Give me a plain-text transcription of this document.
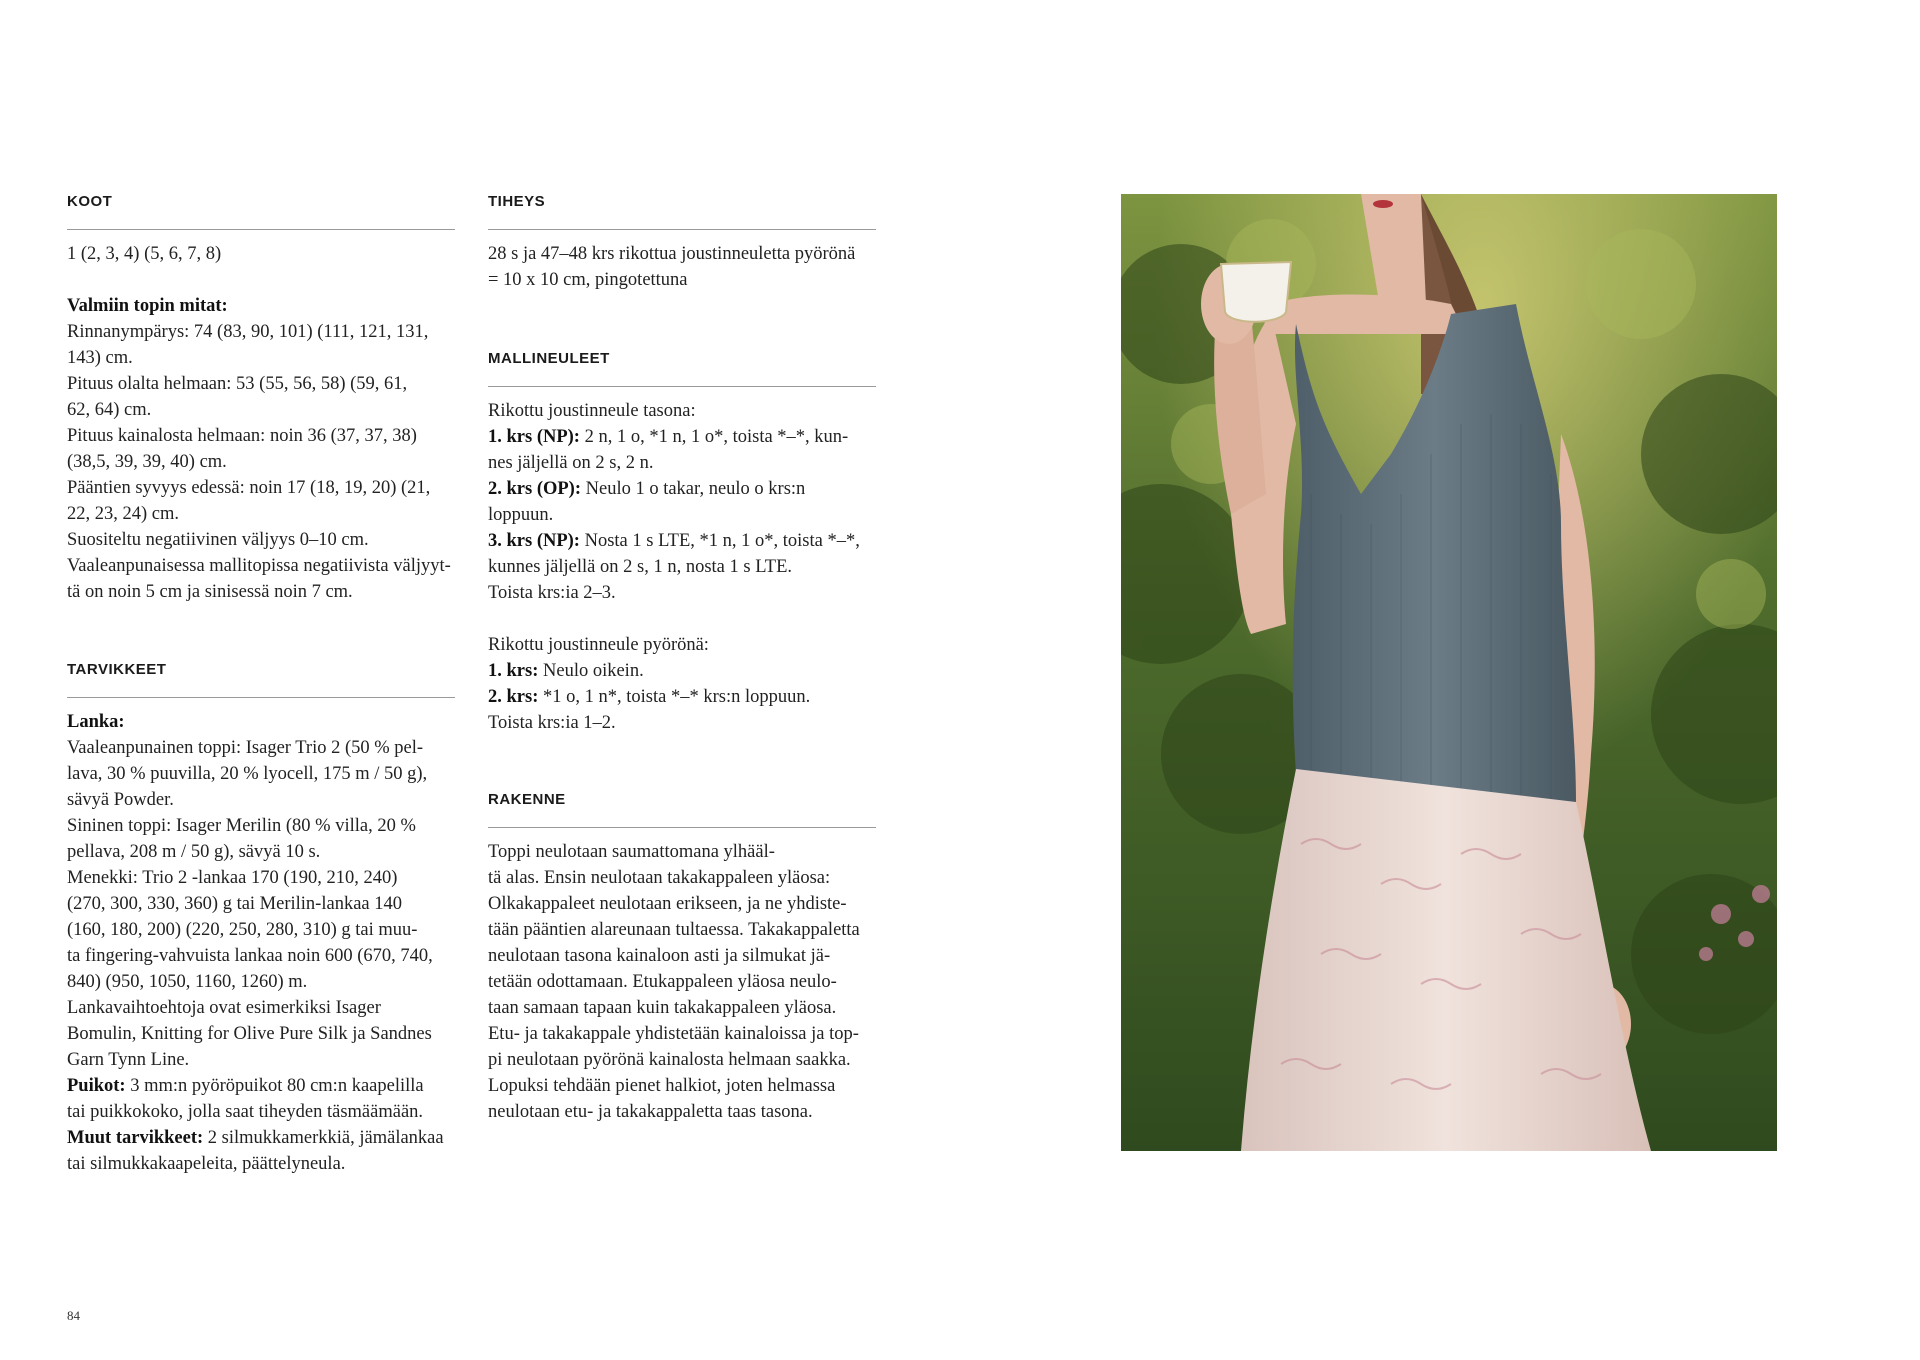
KOOT

1 (2, 3, 4) (5, 6, 7, 8)

Valmiin topin mitat:

Rinnanympärys: 74 (83, 90, 101) (111, 121, 131,

143) cm.

Pituus olalta helmaan: 53 (55, 56, 58) (59, 61,

62, 64) cm.

Pituus kainalosta helmaan: noin 36 (37, 37, 38)

(38,5, 39, 39, 40) cm.

Pääntien syvyys edessä: noin 17 (18, 19, 20) (21,

22, 23, 24) cm.

Suositeltu negatiivinen väljyys 0–10 cm.

Vaaleanpunaisessa mallitopissa negatiivista väljyyt-

tä on noin 5 cm ja sinisessä noin 7 cm.

TARVIKKEET

Lanka:

Vaaleanpunainen toppi: Isager Trio 2 (50 % pel-

lava, 30 % puuvilla, 20 % lyocell, 175 m / 50 g),

sävyä Powder.

Sininen toppi: Isager Merilin (80 % villa, 20 %

pellava, 208 m / 50 g), sävyä 10 s.

Menekki: Trio 2 -lankaa 170 (190, 210, 240)

(270, 300, 330, 360) g tai Merilin-lankaa 140

(160, 180, 200) (220, 250, 280, 310) g tai muu-

ta fingering-vahvuista lankaa noin 600 (670, 740,

840) (950, 1050, 1160, 1260) m.

Lankavaihtoehtoja ovat esimerkiksi Isager

Bomulin, Knitting for Olive Pure Silk ja Sandnes

Garn Tynn Line.

Puikot: 3 mm:n pyöröpuikot 80 cm:n kaapelilla

tai puikkokoko, jolla saat tiheyden täsmäämään.

Muut tarvikkeet: 2 silmukkamerkkiä, jämälankaa

tai silmukkakaapeleita, päättelyneula.

TIHEYS

28 s ja 47–48 krs rikottua joustinneuletta pyörönä

= 10 x 10 cm, pingotettuna

MALLINEULEET

Rikottu joustinneule tasona:

1. krs (NP): 2 n, 1 o, *1 n, 1 o*, toista *–*, kun-

nes jäljellä on 2 s, 2 n.

2. krs (OP): Neulo 1 o takar, neulo o krs:n

loppuun.

3. krs (NP): Nosta 1 s LTE, *1 n, 1 o*, toista *–*,

kunnes jäljellä on 2 s, 1 n, nosta 1 s LTE.

Toista krs:ia 2–3.

Rikottu joustinneule pyörönä:

1. krs: Neulo oikein.

2. krs: *1 o, 1 n*, toista *–* krs:n loppuun.

Toista krs:ia 1–2.

RAKENNE

Toppi neulotaan saumattomana ylhääl-

tä alas. Ensin neulotaan takakappaleen yläosa:

Olkakappaleet neulotaan erikseen, ja ne yhdiste-

tään pääntien alareunaan tultaessa. Takakappaletta

neulotaan tasona kainaloon asti ja silmukat jä-

tetään odottamaan. Etukappaleen yläosa neulo-

taan samaan tapaan kuin takakappaleen yläosa.

Etu- ja takakappale yhdistetään kainaloissa ja top-

pi neulotaan pyörönä kainalosta helmaan saakka.

Lopuksi tehdään pienet halkiot, joten helmassa

neulotaan etu- ja takakappaletta taas tasona.

84
